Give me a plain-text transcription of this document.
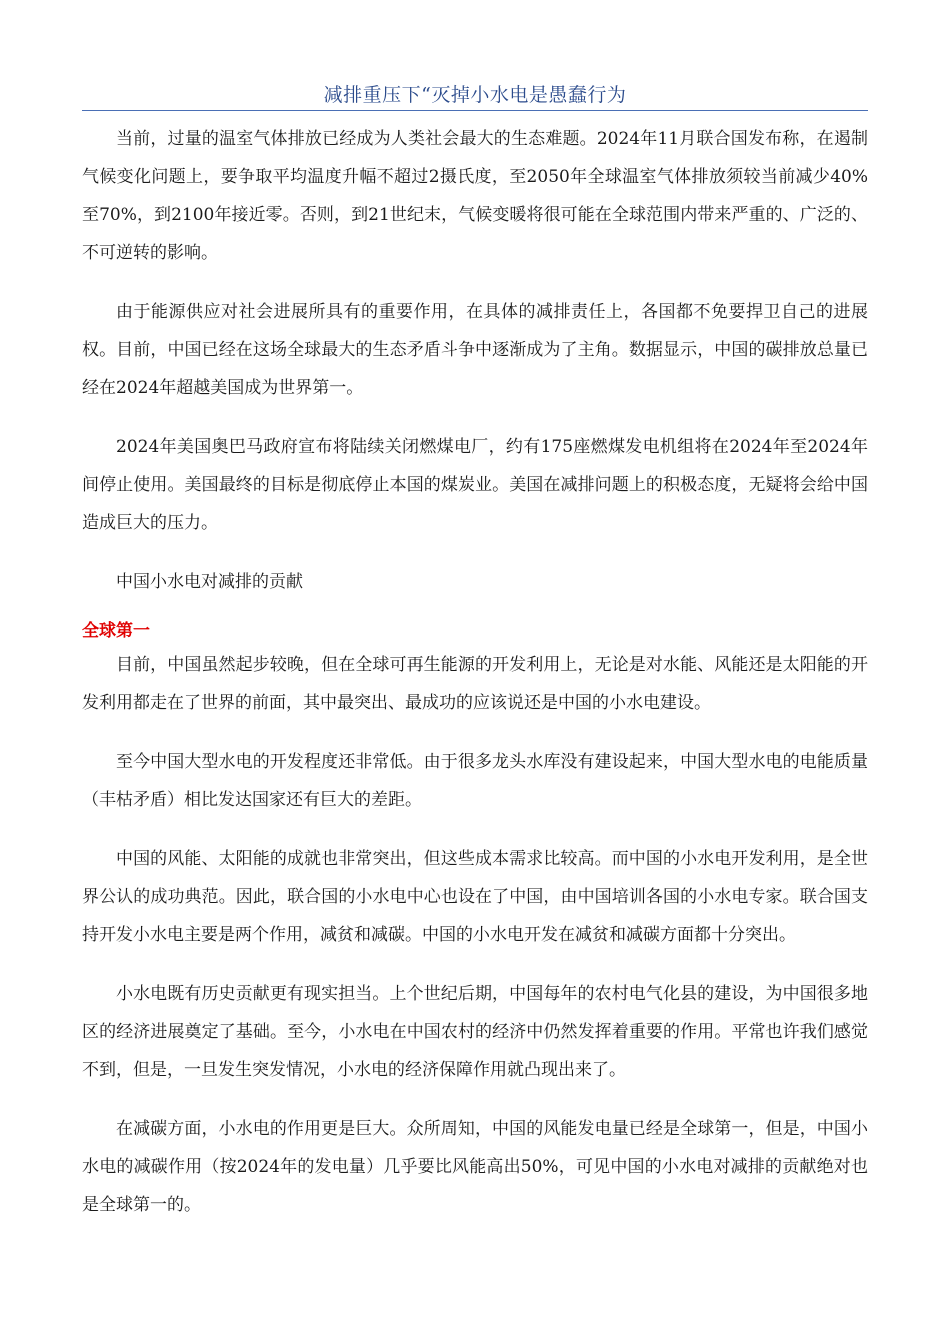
减排重压下“灭掉小水电是愚蠢行为

当前，过量的温室气体排放已经成为人类社会最大的生态难题。2024年11月联合国发布称，在遏制气候变化问题上，要争取平均温度升幅不超过2摄氏度，至2050年全球温室气体排放须较当前减少40%至70%，到2100年接近零。否则，到21世纪末，气候变暖将很可能在全球范围内带来严重的、广泛的、不可逆转的影响。

由于能源供应对社会进展所具有的重要作用，在具体的减排责任上，各国都不免要捍卫自己的进展权。目前，中国已经在这场全球最大的生态矛盾斗争中逐渐成为了主角。数据显示，中国的碳排放总量已经在2024年超越美国成为世界第一。

2024年美国奥巴马政府宣布将陆续关闭燃煤电厂，约有175座燃煤发电机组将在2024年至2024年间停止使用。美国最终的目标是彻底停止本国的煤炭业。美国在减排问题上的积极态度，无疑将会给中国造成巨大的压力。

中国小水电对减排的贡献

全球第一

目前，中国虽然起步较晚，但在全球可再生能源的开发利用上，无论是对水能、风能还是太阳能的开发利用都走在了世界的前面，其中最突出、最成功的应该说还是中国的小水电建设。

至今中国大型水电的开发程度还非常低。由于很多龙头水库没有建设起来，中国大型水电的电能质量（丰枯矛盾）相比发达国家还有巨大的差距。

中国的风能、太阳能的成就也非常突出，但这些成本需求比较高。而中国的小水电开发利用，是全世界公认的成功典范。因此，联合国的小水电中心也设在了中国，由中国培训各国的小水电专家。联合国支持开发小水电主要是两个作用，减贫和减碳。中国的小水电开发在减贫和减碳方面都十分突出。

小水电既有历史贡献更有现实担当。上个世纪后期，中国每年的农村电气化县的建设，为中国很多地区的经济进展奠定了基础。至今，小水电在中国农村的经济中仍然发挥着重要的作用。平常也许我们感觉不到，但是，一旦发生突发情况，小水电的经济保障作用就凸现出来了。

在减碳方面，小水电的作用更是巨大。众所周知，中国的风能发电量已经是全球第一，但是，中国小水电的减碳作用（按2024年的发电量）几乎要比风能高出50%，可见中国的小水电对减排的贡献绝对也是全球第一的。
